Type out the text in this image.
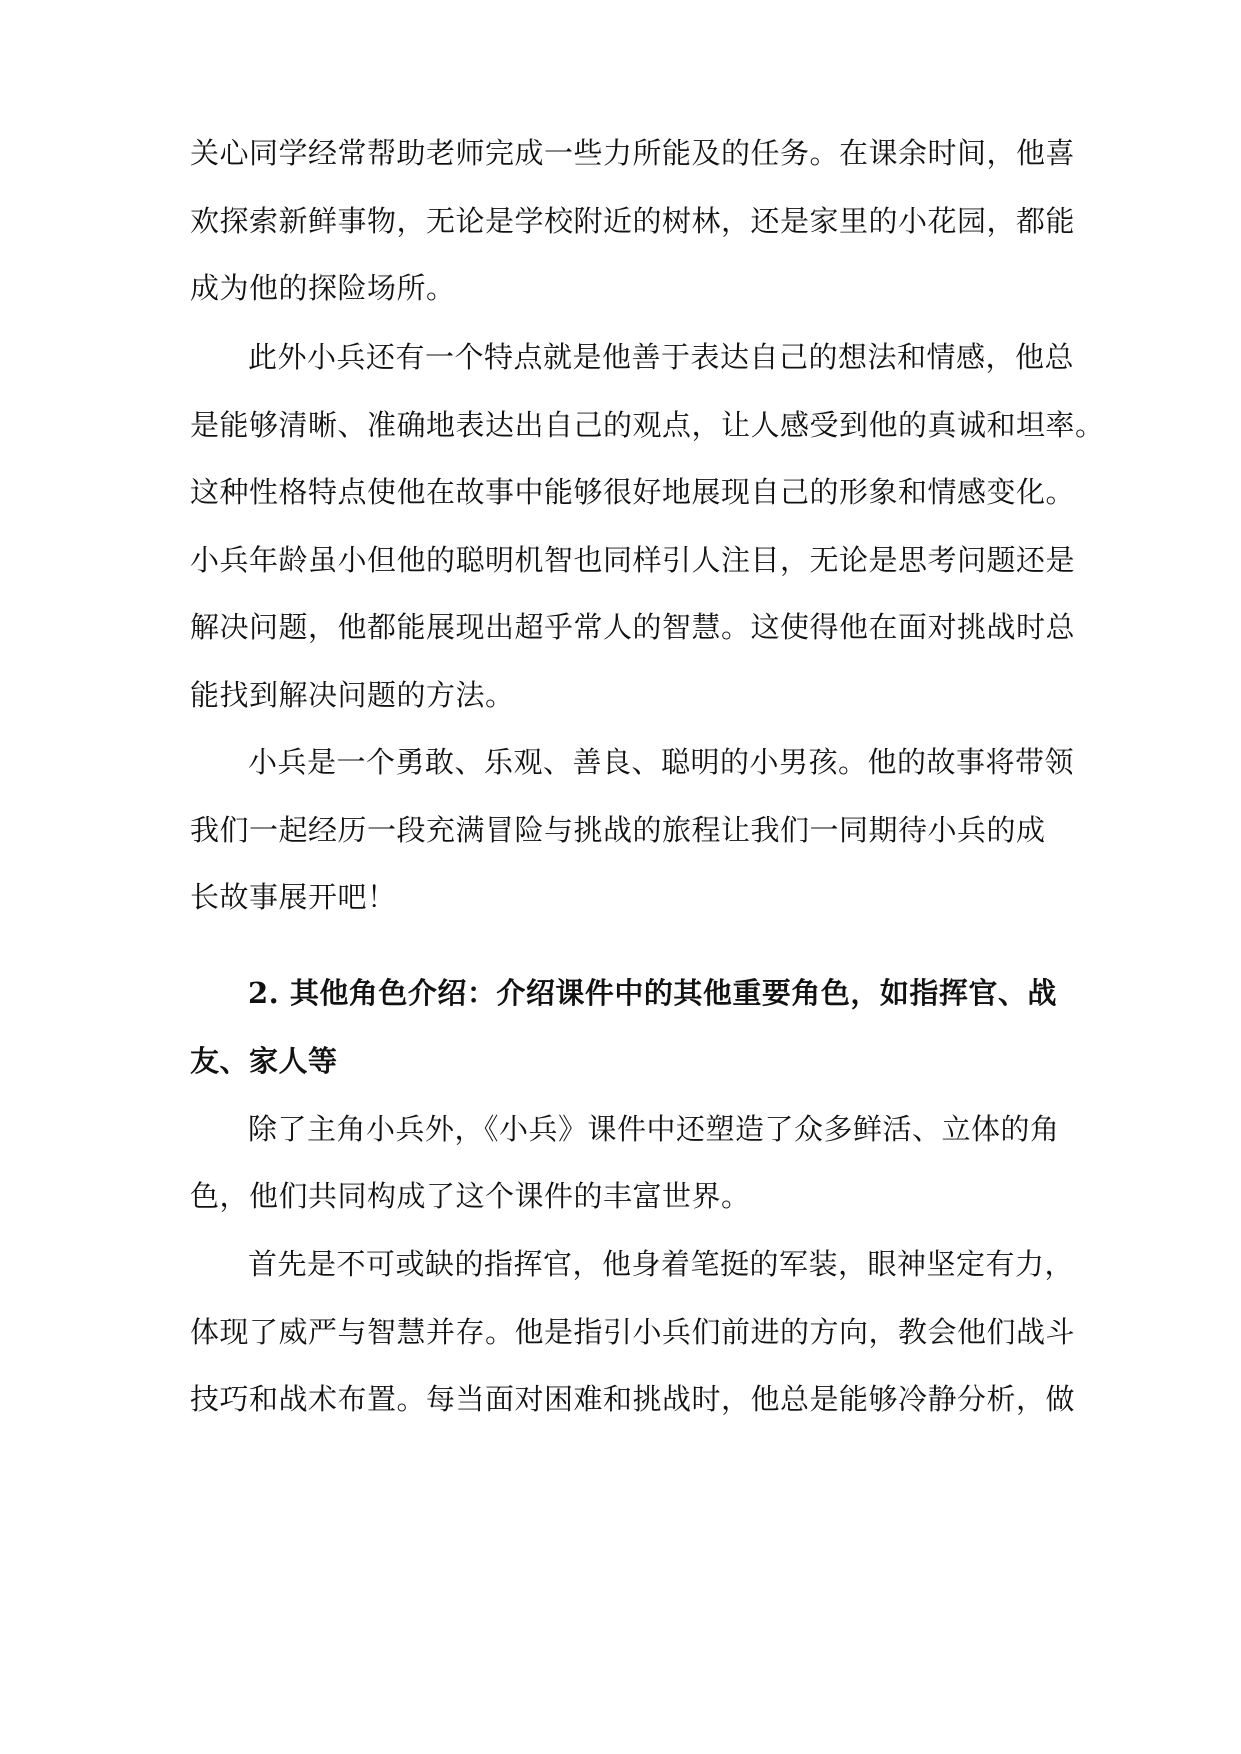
关心同学经常帮助老师完成一些力所能及的任务。在课余时间，他喜
欢探索新鲜事物，无论是学校附近的树林，还是家里的小花园，都能
成为他的探险场所。
此外小兵还有一个特点就是他善于表达自己的想法和情感，他总
是能够清晰、准确地表达出自己的观点，让人感受到他的真诚和坦率。
这种性格特点使他在故事中能够很好地展现自己的形象和情感变化。
小兵年龄虽小但他的聪明机智也同样引人注目，无论是思考问题还是
解决问题，他都能展现出超乎常人的智慧。这使得他在面对挑战时总
能找到解决问题的方法。
小兵是一个勇敢、乐观、善良、聪明的小男孩。他的故事将带领
我们一起经历一段充满冒险与挑战的旅程让我们一同期待小兵的成
长故事展开吧！
2. 其他角色介绍：介绍课件中的其他重要角色，如指挥官、战
友、家人等
除了主角小兵外，《小兵》课件中还塑造了众多鲜活、立体的角
色，他们共同构成了这个课件的丰富世界。
首先是不可或缺的指挥官，他身着笔挺的军装，眼神坚定有力，
体现了威严与智慧并存。他是指引小兵们前进的方向，教会他们战斗
技巧和战术布置。每当面对困难和挑战时，他总是能够冷静分析，做
